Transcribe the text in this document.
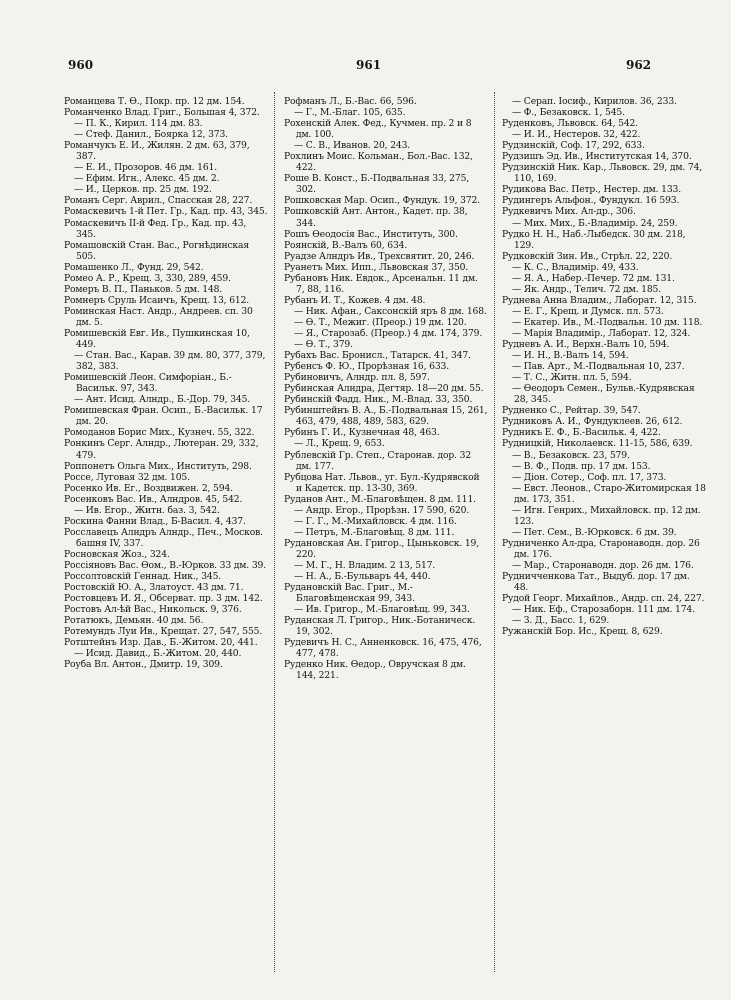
960	961	962

Романцева Т. Ѳ., Покр. пр. 12 дм. 154.

Романченко Влад. Григ., Большая 4, 372.

— П. К., Кирил. 114 дм. 83.

— Стеф. Данил., Боярка 12, 373.

Романчукъ Е. И., Жилян. 2 дм. 63, 379, 387.

— Е. И., Прозоров. 46 дм. 161.

— Ефим. Игн., Алекс. 45 дм. 2.

— И., Церков. пр. 25 дм. 192.

Романъ Серг. Аврил., Спасская 28, 227.

Ромаскевичъ 1-й Пет. Гр., Кад. пр. 43, 345.

Ромаскевичъ II-й Фед. Гр., Кад. пр. 43, 345.

Ромашовскій Стан. Вас., Рогнѣдинская 505.

Ромашенко Л., Фунд. 29, 542.

Ромео А. Р., Крещ. 3, 330, 289, 459.

Ромеръ В. П., Паньков. 5 дм. 148.

Ромнеръ Сруль Исаичъ, Крещ. 13, 612.

Роминская Наст. Андр., Андреев. сп. 30 дм. 5.

Ромишевскій Евг. Ив., Пушкинская 10, 449.

— Стан. Вас., Карав. 39 дм. 80, 377, 379, 382, 383.

Ромишевскій Леон. Симфоріан., Б.-Васильк. 97, 343.

— Ант. Исид. Алндр., Б.-Дор. 79, 345.

Ромишевская Фран. Осип., Б.-Васильк. 17 дм. 20.

Ромоданов Борис Мих., Кузнеч. 55, 322.

Ронкинъ Серг. Алндр., Лютеран. 29, 332, 479.

Роппонетъ Ольга Мих., Институть, 298.

Россе, Луговая 32 дм. 105.

Росенко Ив. Ег., Воздвижен. 2, 594.

Росенковъ Вас. Ив., Алндров. 45, 542.

— Ив. Егор., Житн. баз. 3, 542.

Роскина Фанни Влад., Б-Васил. 4, 437.

Росславецъ Алндръ Алндр., Печ., Москов. башня IV, 337.

Росновская Жоз., 324.

Россіяновъ Вас. Ѳом., В.-Юрков. 33 дм. 39.

Россолтовскій Геннад. Ник., 345.

Ростовскій Ю. А., Златоуст. 43 дм. 71.

Ростовцевъ И. Я., Обсерват. пр. 3 дм. 142.

Ростовъ Ал-ѣй Вас., Никольск. 9, 376.

Ротатюкъ, Демьян. 40 дм. 56.

Ротемундъ Луи Ив., Крещат. 27, 547, 555.

Ротштейнъ Изр. Дав., Б.-Житом. 20, 441.

— Исид. Давид., Б.-Житом. 20, 440.

Роуба Вл. Антон., Дмитр. 19, 309.

Рофманъ Л., Б.-Вас. 66, 596.

— Г., М.-Благ. 105, 635.

Рохенскій Алек. Фед., Кучмен. пр. 2 и 8 дм. 100.

— С. В., Иванов. 20, 243.

Рохлинъ Моис. Кольман., Бол.-Вас. 132, 422.

Роше В. Конст., Б.-Подвальная 33, 275, 302.

Рошковская Мар. Осип., Фундук. 19, 372.

Рошковскій Ант. Антон., Кадет. пр. 38, 344.

Рошъ Ѳеодосія Вас., Институть, 300.

Роянскій, В.-Валъ 60, 634.

Руадзе Алндръ Ив., Трехсвятит. 20, 246.

Руанетъ Мих. Ипп., Львовская 37, 350.

Рубановъ Ник. Евдок., Арсенальн. 11 дм. 7, 88, 116.

Рубанъ И. Т., Кожев. 4 дм. 48.

— Ник. Афан., Саксонскій яръ 8 дм. 168.

— Ѳ. Т., Межиг. (Преор.) 19 дм. 120.

— Я., Старозаб. (Преор.) 4 дм. 174, 379.

— Ѳ. Т., 379.

Рубахъ Вас. Бронисл., Татарск. 41, 347.

Рубенсъ Ф. Ю., Прорѣзная 16, 633.

Рубиновичъ, Алндр. пл. 8, 597.

Рубинская Алндра, Дегтяр. 18—20 дм. 55.

Рубинскій Фадд. Ник., М.-Влад. 33, 350.

Рубинштейнъ В. А., Б.-Подвальная 15, 261, 463, 479, 488, 489, 583, 629.

Рубинъ Г. И., Кузнечная 48, 463.

— Л., Крещ. 9, 653.

Рублевскій Гр. Степ., Старонав. дор. 32 дм. 177.

Рубцова Нат. Львов., уг. Бул.-Кудрявской и Кадетск. пр. 13-30, 369.

Руданов Ант., М.-Благовѣщен. 8 дм. 111.

— Андр. Егор., Прорѣзн. 17 590, 620.

— Г. Г., М.-Михайловск. 4 дм. 116.

— Петръ, М.-Благовѣщ. 8 дм. 111.

Рудановская Ан. Григор., Цыньковск. 19, 220.

— М. Г., Н. Владим. 2 13, 517.

— Н. А., Б.-Бульваръ 44, 440.

Рудановскій Вас. Григ., М.-Благовѣщенская 99, 343.

— Ив. Григор., М.-Благовѣщ. 99, 343.

Руданская Л. Григор., Ник.-Ботаническ. 19, 302.

Рудевичъ Н. С., Анненковск. 16, 475, 476, 477, 478.

Руденко Ник. Ѳедор., Овручская 8 дм. 144, 221.

— Серап. Іосиф., Кирилов. 36, 233.

— Ф., Безаковск. 1, 545.

Руденковъ, Львовск. 64, 542.

— И. И., Нестеров. 32, 422.

Рудзинскій, Соф. 17, 292, 633.

Рудзишъ Эд. Ив., Институтская 14, 370.

Рудзинскій Ник. Кар., Львовск. 29, дм. 74, 110, 169.

Рудикова Вас. Петр., Нестер. дм. 133.

Рудингеръ Альфон., Фундукл. 16 593.

Рудкевичъ Мих. Ал-др., 306.

— Мих. Мих., Б.-Владимір. 24, 259.

Рудко Н. Н., Наб.-Лыбедск. 30 дм. 218, 129.

Рудковскій Зин. Ив., Стрѣл. 22, 220.

— К. С., Владимір. 49, 433.

— Я. А., Набер.-Печер. 72 дм. 131.

— Як. Андр., Телич. 72 дм. 185.

Руднева Анна Владим., Лаборат. 12, 315.

— Е. Г., Крещ. и Думск. пл. 573.

— Екатер. Ив., М.-Подвальн. 10 дм. 118.

— Марія Владимір., Лаборат. 12, 324.

Рудневъ А. И., Верхн.-Валъ 10, 594.

— И. Н., В.-Валъ 14, 594.

— Пав. Арт., М.-Подвальная 10, 237.

— Т. С., Житн. пл. 5, 594.

— Ѳеодоръ Семен., Бульв.-Кудрявская 28, 345.

Рудненко С., Рейтар. 39, 547.

Рудниковъ А. И., Фундуклеев. 26, 612.

Рудникъ Е. Ф., Б.-Васильк. 4, 422.

Рудницкій, Николаевск. 11-15, 586, 639.

— В., Безаковск. 23, 579.

— В. Ф., Подв. пр. 17 дм. 153.

— Діон. Сотер., Соф. пл. 17, 373.

— Евст. Леонов., Старо-Житомирская 18 дм. 173, 351.

— Игн. Генрих., Михайловск. пр. 12 дм. 123.

— Пет. Сем., В.-Юрковск. 6 дм. 39.

Рудниченко Ал-дра, Старонаводн. дор. 26 дм. 176.

— Мар., Старонаводн. дор. 26 дм. 176.

Рудничченкова Тат., Выдуб. дор. 17 дм. 48.

Рудой Георг. Михайлов., Андр. сп. 24, 227.

— Ник. Еф., Старозаборн. 111 дм. 174.

— З. Д., Басс. 1, 629.

Ружанскій Бор. Ис., Крещ. 8, 629.
